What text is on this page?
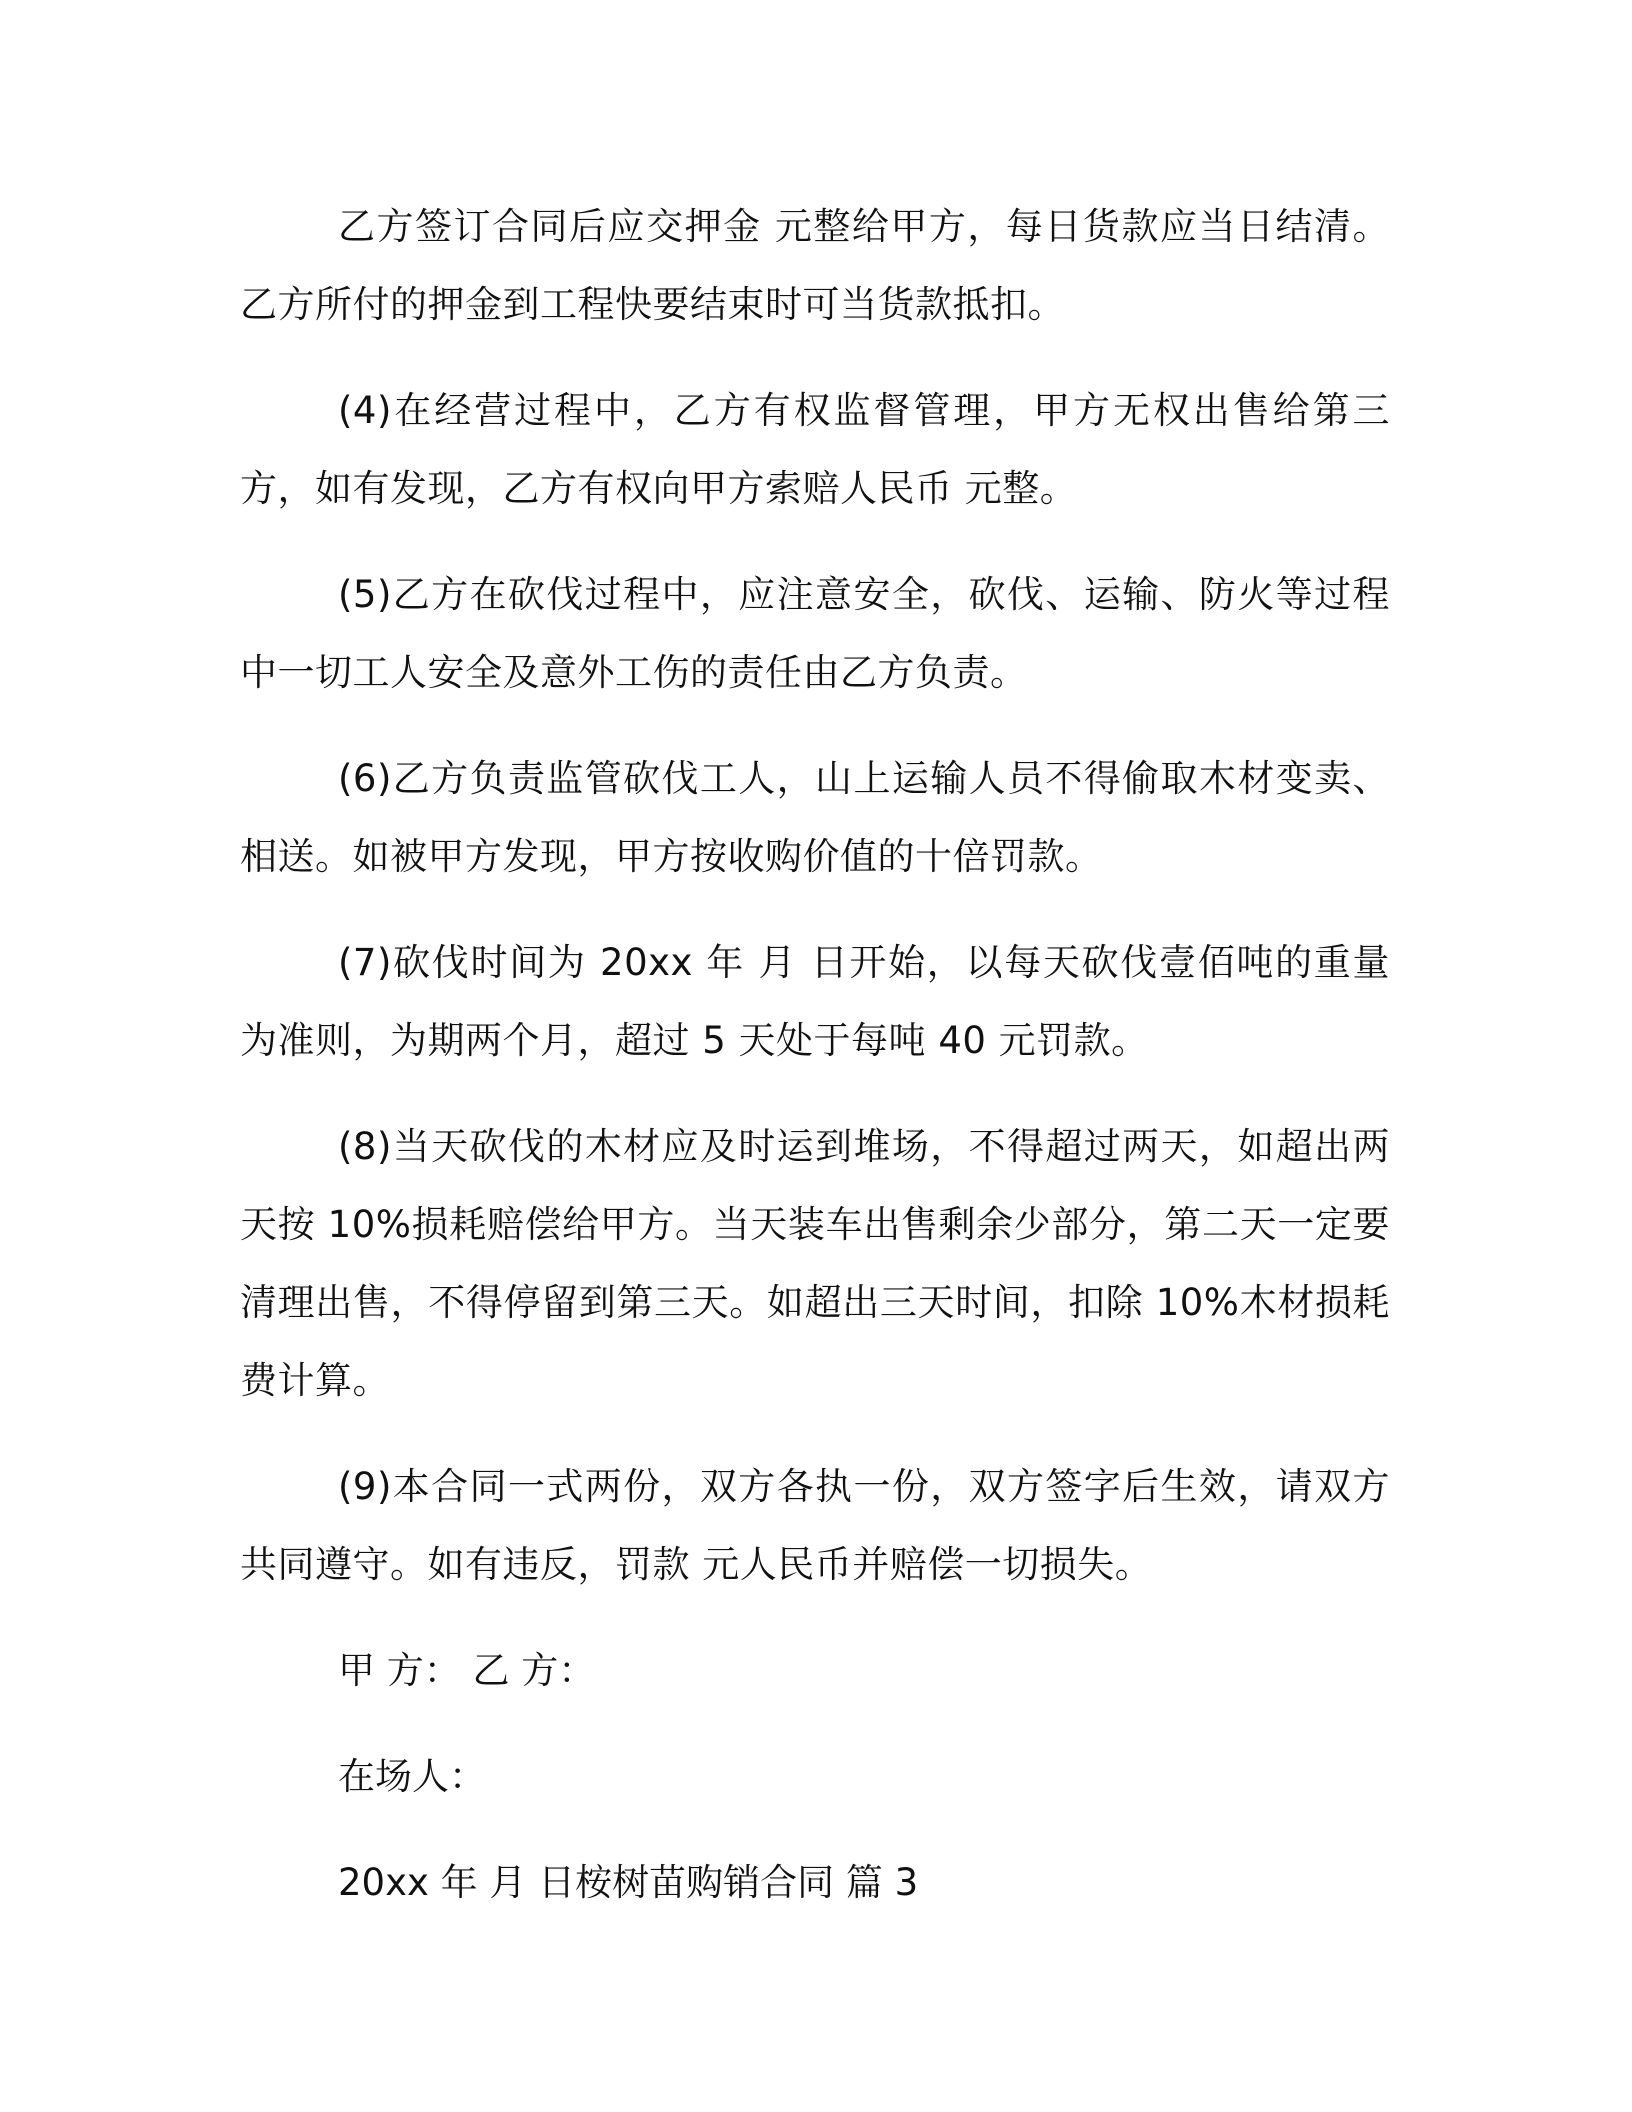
乙方签订合同后应交押金 元整给甲方，每日货款应当日结清。乙方所付的押金到工程快要结束时可当货款抵扣。

(4)在经营过程中，乙方有权监督管理，甲方无权出售给第三方，如有发现，乙方有权向甲方索赔人民币 元整。

(5)乙方在砍伐过程中，应注意安全，砍伐、运输、防火等过程中一切工人安全及意外工伤的责任由乙方负责。

(6)乙方负责监管砍伐工人，山上运输人员不得偷取木材变卖、相送。如被甲方发现，甲方按收购价值的十倍罚款。

(7)砍伐时间为 20xx 年 月 日开始，以每天砍伐壹佰吨的重量为准则，为期两个月，超过 5 天处于每吨 40 元罚款。

(8)当天砍伐的木材应及时运到堆场，不得超过两天，如超出两天按 10%损耗赔偿给甲方。当天装车出售剩余少部分，第二天一定要清理出售，不得停留到第三天。如超出三天时间，扣除 10%木材损耗费计算。

(9)本合同一式两份，双方各执一份，双方签字后生效，请双方共同遵守。如有违反，罚款 元人民币并赔偿一切损失。

甲 方： 乙 方：

在场人：

20xx 年 月 日桉树苗购销合同 篇 3
